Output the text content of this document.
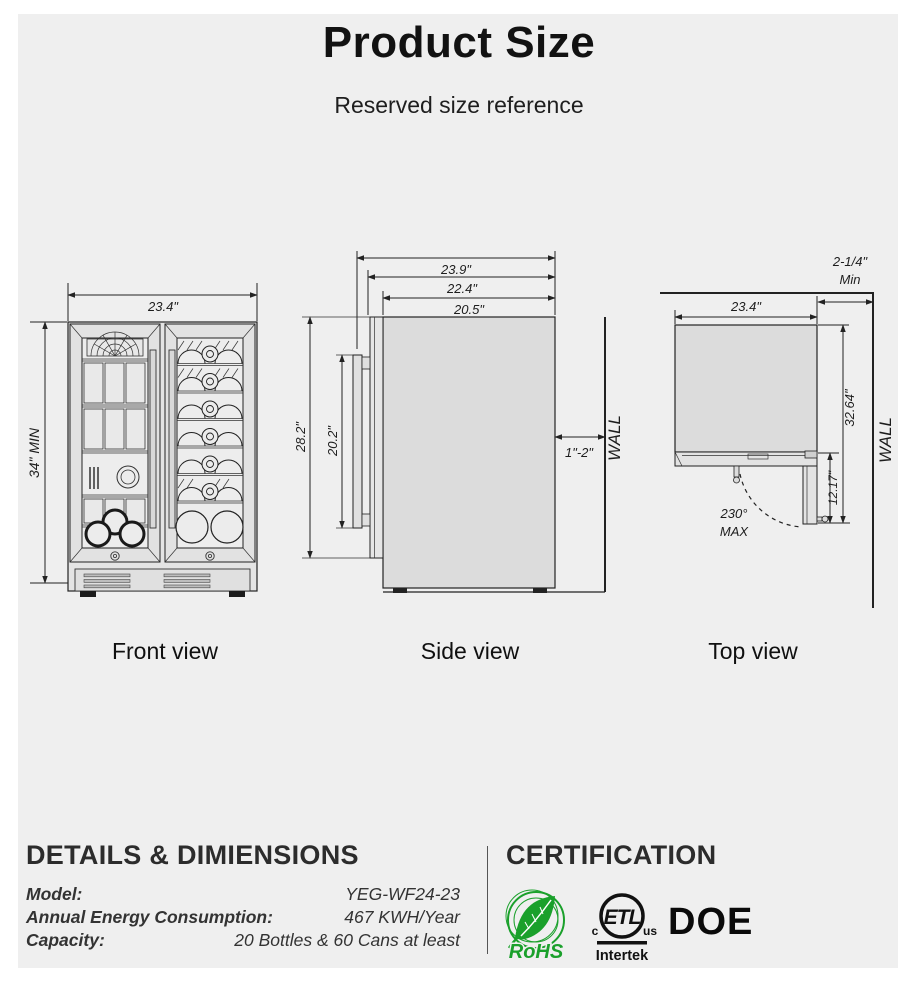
Product Size
Reserved size reference
23.4"
34" MIN
23.9"
22.4"
20.5"
28.2" 20.2"	1"-2" WALL	WALL
2-1/4"
Min
23.4"
230°
MAX
32.64"
12.17"
Front view	Side view	Top view
DETAILS & DIMIENSIONS
Model:	YEG-WF24-23
Annual Energy Consumption:	467 KWH/Year
Capacity:	20 Bottles & 60 Cans at least
CERTIFICATION
RoHS
ETL
c	us
Intertek
DOE
